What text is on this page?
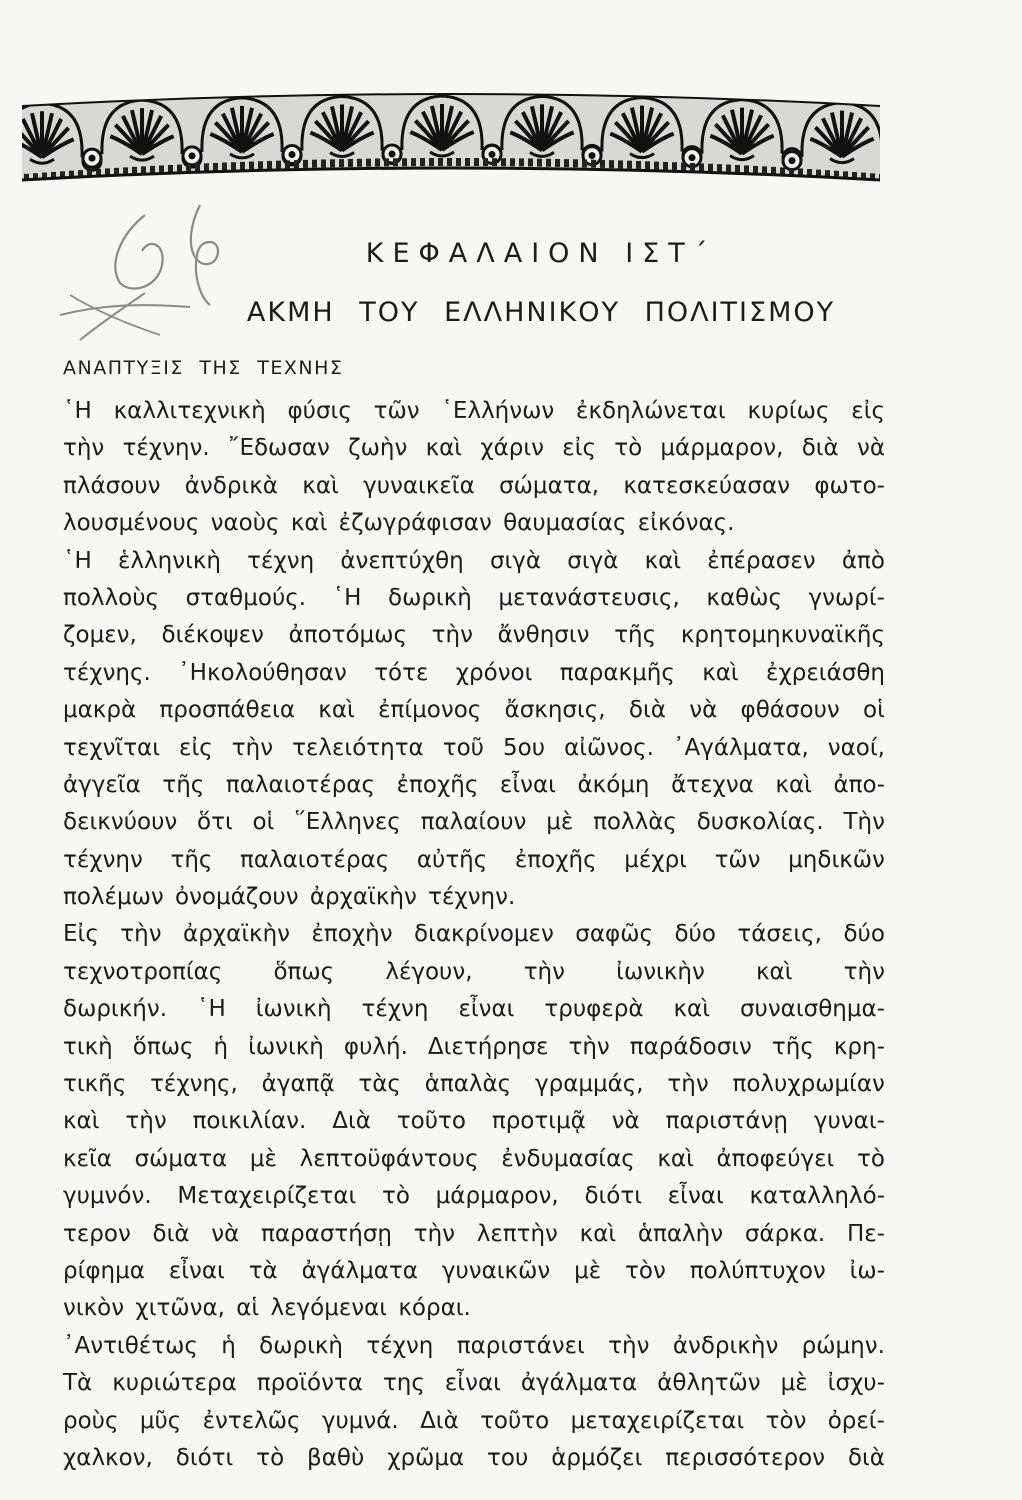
ΚΕΦΑΛΑΙΟΝ ΙΣΤ΄
ΑΚΜΗ ΤΟΥ ΕΛΛΗΝΙΚΟΥ ΠΟΛΙΤΙΣΜΟΥ
ΑΝΑΠΤΥΞΙΣ ΤΗΣ ΤΕΧΝΗΣ
῾Η καλλιτεχνικὴ φύσις τῶν ῾Ελλήνων ἐκδηλώνεται κυρίως εἰς
τὴν τέχνην. ῎Εδωσαν ζωὴν καὶ χάριν εἰς τὸ μάρμαρον, διὰ νὰ
πλάσουν ἀνδρικὰ καὶ γυναικεῖα σώματα, κατεσκεύασαν φωτο-
λουσμένους ναοὺς καὶ ἐζωγράφισαν θαυμασίας εἰκόνας.
῾Η ἑλληνικὴ τέχνη ἀνεπτύχθη σιγὰ σιγὰ καὶ ἐπέρασεν ἀπὸ
πολλοὺς σταθμούς. ῾Η δωρικὴ μετανάστευσις, καθὼς γνωρί-
ζομεν, διέκοψεν ἀποτόμως τὴν ἄνθησιν τῆς κρητομηκυναϊκῆς
τέχνης. ᾿Ηκολούθησαν τότε χρόνοι παρακμῆς καὶ ἐχρειάσθη
μακρὰ προσπάθεια καὶ ἐπίμονος ἄσκησις, διὰ νὰ φθάσουν οἱ
τεχνῖται εἰς τὴν τελειότητα τοῦ 5ου αἰῶνος. ᾿Αγάλματα, ναοί,
ἀγγεῖα τῆς παλαιοτέρας ἐποχῆς εἶναι ἀκόμη ἄτεχνα καὶ ἀπο-
δεικνύουν ὅτι οἱ ῞Ελληνες παλαίουν μὲ πολλὰς δυσκολίας. Τὴν
τέχνην τῆς παλαιοτέρας αὐτῆς ἐποχῆς μέχρι τῶν μηδικῶν
πολέμων ὀνομάζουν ἀρχαϊκὴν τέχνην.
Εἰς τὴν ἀρχαϊκὴν ἐποχὴν διακρίνομεν σαφῶς δύο τάσεις, δύο
τεχνοτροπίας ὅπως λέγουν, τὴν ἰωνικὴν καὶ τὴν
δωρικήν. ῾Η ἰωνικὴ τέχνη εἶναι τρυφερὰ καὶ συναισθημα-
τικὴ ὅπως ἡ ἰωνικὴ φυλή. Διετήρησε τὴν παράδοσιν τῆς κρη-
τικῆς τέχνης, ἀγαπᾷ τὰς ἁπαλὰς γραμμάς, τὴν πολυχρωμίαν
καὶ τὴν ποικιλίαν. Διὰ τοῦτο προτιμᾷ νὰ παριστάνῃ γυναι-
κεῖα σώματα μὲ λεπτοϋφάντους ἐνδυμασίας καὶ ἀποφεύγει τὸ
γυμνόν. Μεταχειρίζεται τὸ μάρμαρον, διότι εἶναι καταλληλό-
τερον διὰ νὰ παραστήσῃ τὴν λεπτὴν καὶ ἁπαλὴν σάρκα. Πε-
ρίφημα εἶναι τὰ ἀγάλματα γυναικῶν μὲ τὸν πολύπτυχον ἰω-
νικὸν χιτῶνα, αἱ λεγόμεναι κόραι.
᾿Αντιθέτως ἡ δωρικὴ τέχνη παριστάνει τὴν ἀνδρικὴν ρώμην.
Τὰ κυριώτερα προϊόντα της εἶναι ἀγάλματα ἀθλητῶν μὲ ἰσχυ-
ροὺς μῦς ἐντελῶς γυμνά. Διὰ τοῦτο μεταχειρίζεται τὸν ὀρεί-
χαλκον, διότι τὸ βαθὺ χρῶμα του ἁρμόζει περισσότερον διὰ
